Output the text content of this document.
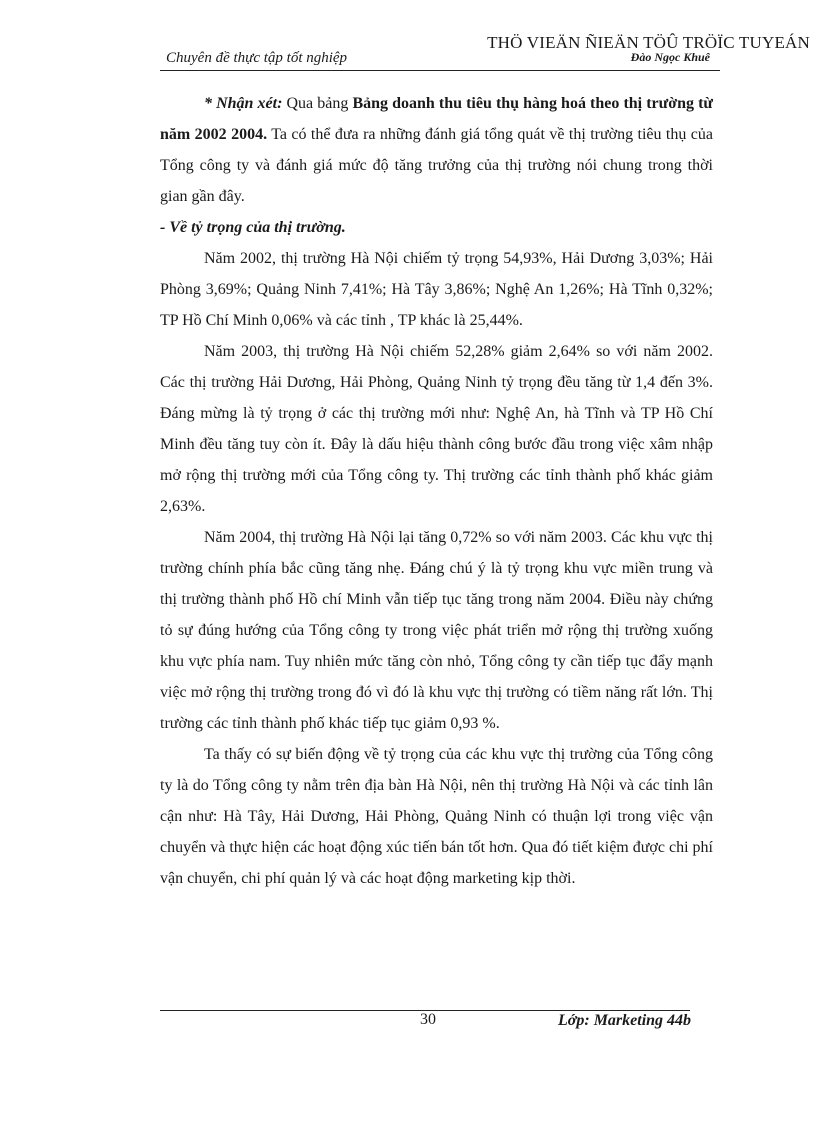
Chuyên đề thực tập tốt nghiệp
THÖ VIEÄN ÑIEÄN TÖÛ TRÖÏC TUYEÁN
Đào Ngọc Khuê

* Nhận xét: Qua bảng Bảng doanh thu tiêu thụ hàng hoá theo thị trường từ năm 2002 2004. Ta có thể đưa ra những đánh giá tổng quát về thị trường tiêu thụ của Tổng công ty và đánh giá mức độ tăng trưởng của thị trường nói chung trong thời gian gần đây.

- Về tỷ trọng của thị trường.

Năm 2002, thị trường Hà Nội chiếm tỷ trọng 54,93%, Hải Dương 3,03%; Hải Phòng 3,69%; Quảng Ninh 7,41%; Hà Tây 3,86%; Nghệ An 1,26%; Hà Tĩnh 0,32%; TP Hồ Chí Minh 0,06% và các tỉnh , TP khác là 25,44%.

Năm 2003, thị trường Hà Nội chiếm 52,28% giảm 2,64% so với năm 2002. Các thị trường Hải Dương, Hải Phòng, Quảng Ninh tỷ trọng đều tăng từ 1,4 đến 3%. Đáng mừng là tỷ trọng ở các thị trường mới như: Nghệ An, hà Tĩnh và TP Hồ Chí Minh đều tăng tuy còn ít. Đây là dấu hiệu thành công bước đầu trong việc xâm nhập mở rộng thị trường mới của Tổng công ty. Thị trường các tỉnh thành phố khác giảm 2,63%.

Năm 2004, thị trường Hà Nội lại tăng 0,72% so với năm 2003. Các khu vực thị trường chính phía bắc cũng tăng nhẹ. Đáng chú ý là tỷ trọng khu vực miền trung và thị trường thành phố Hồ chí Minh vẫn tiếp tục tăng trong năm 2004. Điều này chứng tỏ sự đúng hướng của Tổng công ty trong việc phát triển mở rộng thị trường xuống khu vực phía nam. Tuy nhiên mức tăng còn nhỏ, Tổng công ty cần tiếp tục đẩy mạnh việc mở rộng thị trường trong đó vì đó là khu vực thị trường có tiềm năng rất lớn. Thị trường các tỉnh thành phố khác tiếp tục giảm 0,93 %.

Ta thấy có sự biến động về tỷ trọng của các khu vực thị trường của Tổng công ty là do Tổng công ty nằm trên địa bàn Hà Nội, nên thị trường Hà Nội và các tỉnh lân cận như: Hà Tây, Hải Dương, Hải Phòng, Quảng Ninh có thuận lợi trong việc vận chuyển và thực hiện các hoạt động xúc tiến bán tốt hơn. Qua đó tiết kiệm được chi phí vận chuyển, chi phí quản lý và các hoạt động marketing kịp thời.

30	Lớp: Marketing 44b
